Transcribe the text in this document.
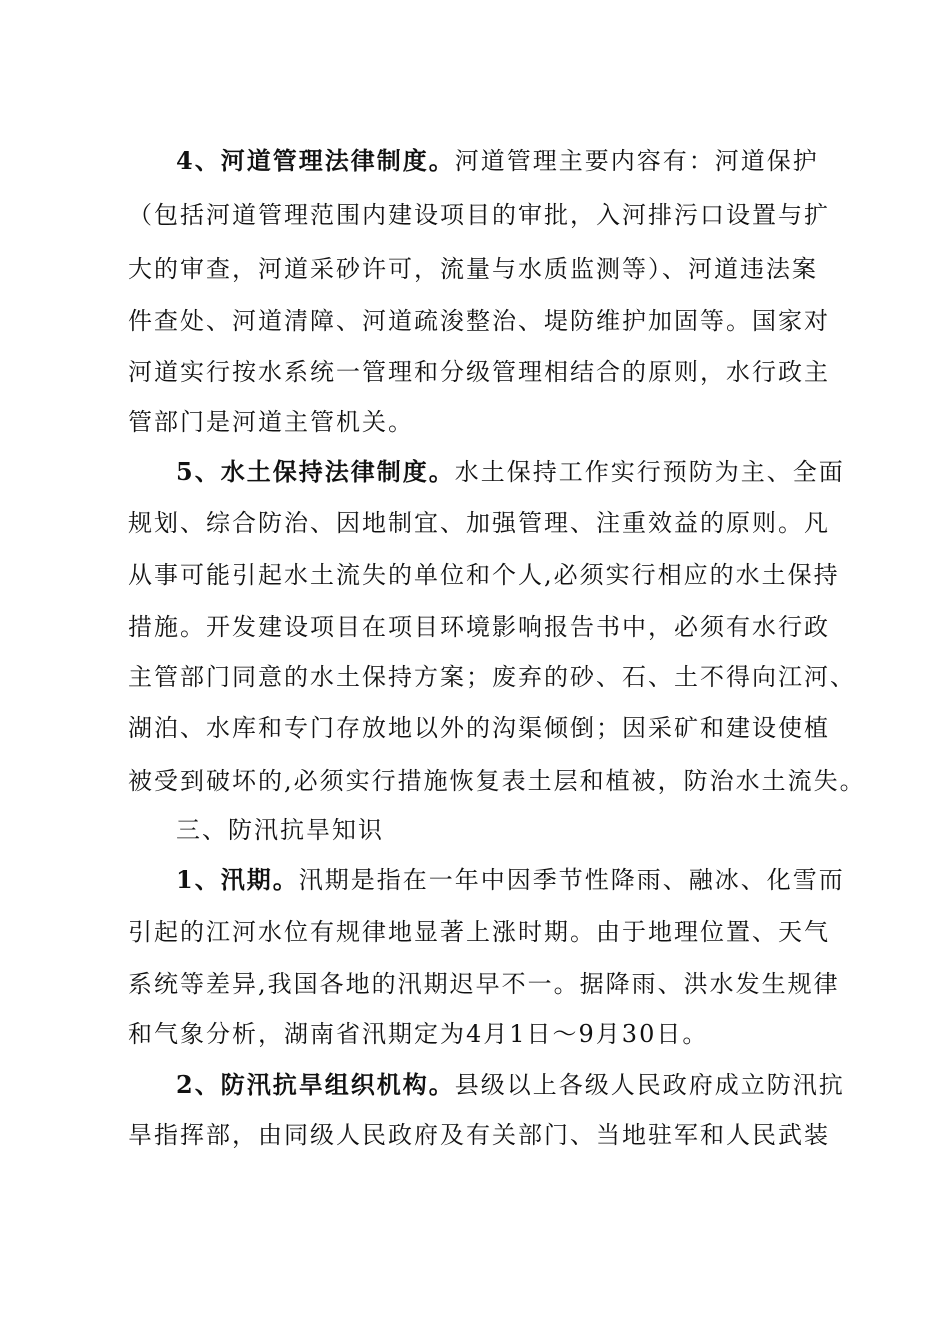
4、河道管理法律制度。河道管理主要内容有：河道保护
（包括河道管理范围内建设项目的审批，入河排污口设置与扩
大的审查，河道采砂许可，流量与水质监测等）、河道违法案
件查处、河道清障、河道疏浚整治、堤防维护加固等。国家对
河道实行按水系统一管理和分级管理相结合的原则，水行政主
管部门是河道主管机关。
5、水土保持法律制度。水土保持工作实行预防为主、全面
规划、综合防治、因地制宜、加强管理、注重效益的原则。凡
从事可能引起水土流失的单位和个人,必须实行相应的水土保持
措施。开发建设项目在项目环境影响报告书中，必须有水行政
主管部门同意的水土保持方案；废弃的砂、石、土不得向江河、
湖泊、水库和专门存放地以外的沟渠倾倒；因采矿和建设使植
被受到破坏的,必须实行措施恢复表土层和植被，防治水土流失。
三、防汛抗旱知识
1、汛期。汛期是指在一年中因季节性降雨、融冰、化雪而
引起的江河水位有规律地显著上涨时期。由于地理位置、天气
系统等差异,我国各地的汛期迟早不一。据降雨、洪水发生规律
和气象分析，湖南省汛期定为4月1日～9月30日。
2、防汛抗旱组织机构。县级以上各级人民政府成立防汛抗
旱指挥部，由同级人民政府及有关部门、当地驻军和人民武装
